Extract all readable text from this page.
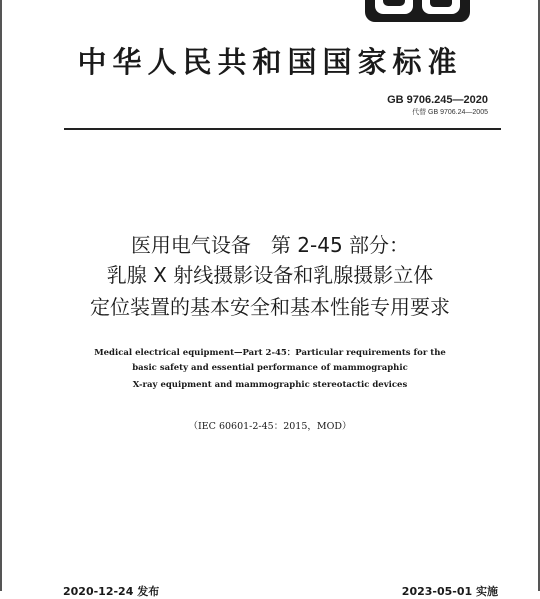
中华人民共和国国家标准
GB 9706.245—2020
代替 GB 9706.24—2005
医用电气设备　第 2-45 部分：
乳腺 X 射线摄影设备和乳腺摄影立体
定位装置的基本安全和基本性能专用要求
Medical electrical equipment—Part 2-45：Particular requirements for the
basic safety and essential performance of mammographic
X-ray equipment and mammographic stereotactic devices
（IEC 60601-2-45：2015，MOD）
2020-12-24 发布	2023-05-01 实施
